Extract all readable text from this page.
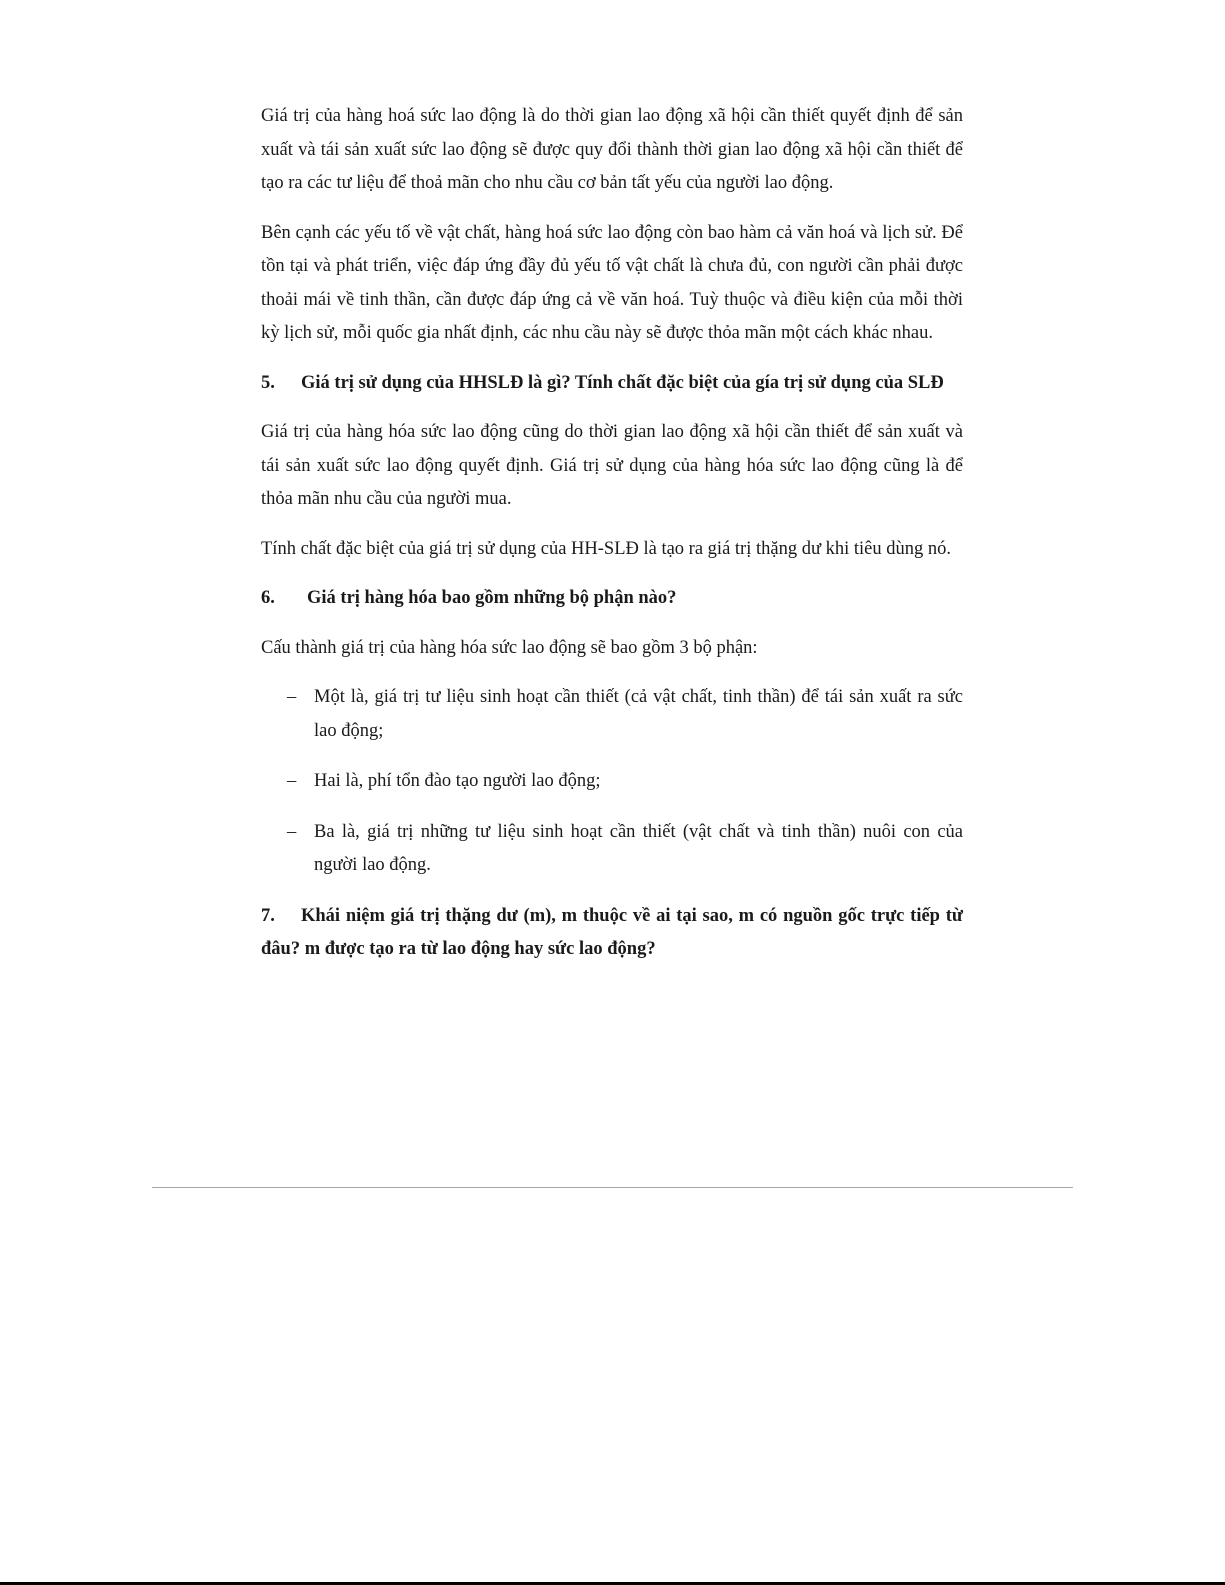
Giá trị của hàng hoá sức lao động là do thời gian lao động xã hội cần thiết quyết định để sản xuất và tái sản xuất sức lao động sẽ được quy đổi thành thời gian lao động xã hội cần thiết để tạo ra các tư liệu để thoả mãn cho nhu cầu cơ bản tất yếu của người lao động.

Bên cạnh các yếu tố về vật chất, hàng hoá sức lao động còn bao hàm cả văn hoá và lịch sử. Để tồn tại và phát triển, việc đáp ứng đầy đủ yếu tố vật chất là chưa đủ, con người cần phải được thoải mái về tinh thần, cần được đáp ứng cả về văn hoá. Tuỳ thuộc và điều kiện của mỗi thời kỳ lịch sử, mỗi quốc gia nhất định, các nhu cầu này sẽ được thỏa mãn một cách khác nhau.

5. Giá trị sử dụng của HHSLĐ là gì? Tính chất đặc biệt của gía trị sử dụng của SLĐ

Giá trị của hàng hóa sức lao động cũng do thời gian lao động xã hội cần thiết để sản xuất và tái sản xuất sức lao động quyết định. Giá trị sử dụng của hàng hóa sức lao động cũng là để thỏa mãn nhu cầu của người mua.

Tính chất đặc biệt của giá trị sử dụng của HH-SLĐ là tạo ra giá trị thặng dư khi tiêu dùng nó.

6. Giá trị hàng hóa bao gồm những bộ phận nào?

Cấu thành giá trị của hàng hóa sức lao động sẽ bao gồm 3 bộ phận:

– Một là, giá trị tư liệu sinh hoạt cần thiết (cả vật chất, tinh thần) để tái sản xuất ra sức lao động;
– Hai là, phí tổn đào tạo người lao động;
– Ba là, giá trị những tư liệu sinh hoạt cần thiết (vật chất và tinh thần) nuôi con của người lao động.

7. Khái niệm giá trị thặng dư (m), m thuộc về ai tại sao, m có nguồn gốc trực tiếp từ đâu? m được tạo ra từ lao động hay sức lao động?
